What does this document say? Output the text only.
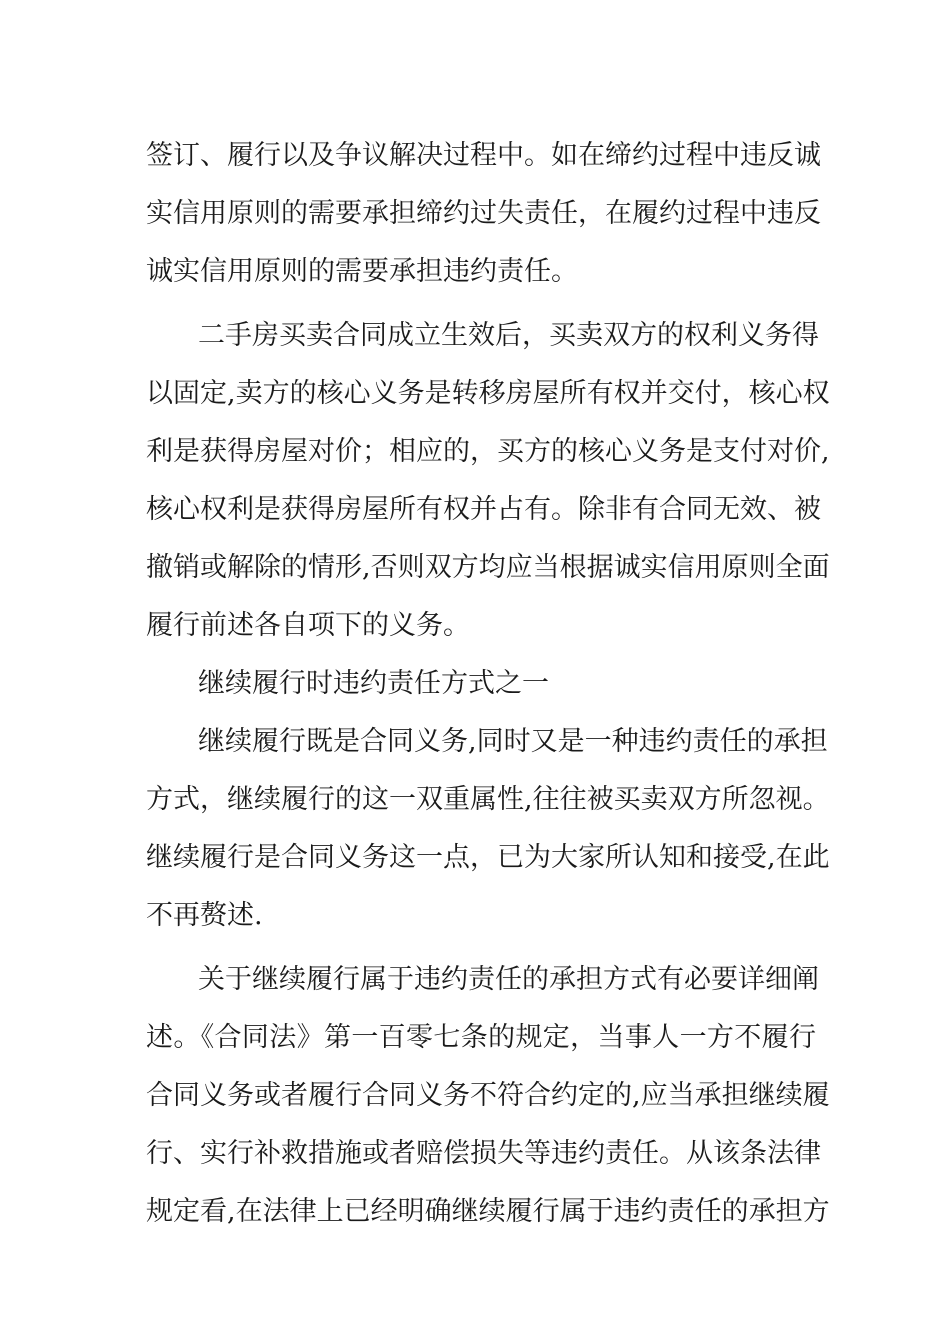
签订、履行以及争议解决过程中。如在缔约过程中违反诚
实信用原则的需要承担缔约过失责任，在履约过程中违反
诚实信用原则的需要承担违约责任。
二手房买卖合同成立生效后，买卖双方的权利义务得
以固定,卖方的核心义务是转移房屋所有权并交付，核心权
利是获得房屋对价；相应的，买方的核心义务是支付对价,
核心权利是获得房屋所有权并占有。除非有合同无效、被
撤销或解除的情形,否则双方均应当根据诚实信用原则全面
履行前述各自项下的义务。
继续履行时违约责任方式之一
继续履行既是合同义务,同时又是一种违约责任的承担
方式，继续履行的这一双重属性,往往被买卖双方所忽视。
继续履行是合同义务这一点，已为大家所认知和接受,在此
不再赘述.
关于继续履行属于违约责任的承担方式有必要详细阐
述。《合同法》第一百零七条的规定，当事人一方不履行
合同义务或者履行合同义务不符合约定的,应当承担继续履
行、实行补救措施或者赔偿损失等违约责任。从该条法律
规定看,在法律上已经明确继续履行属于违约责任的承担方
